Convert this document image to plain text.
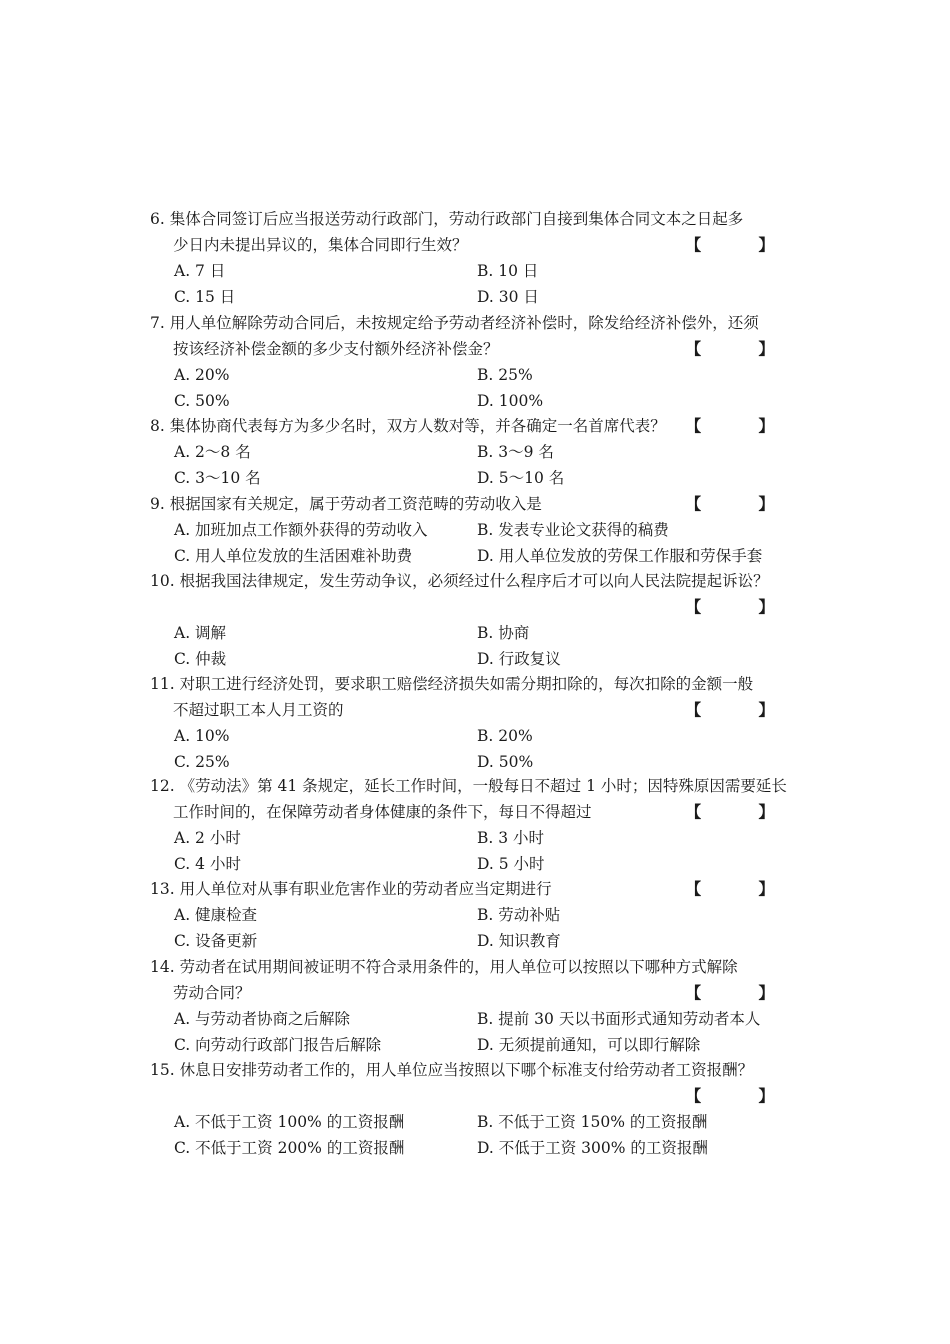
6. 集体合同签订后应当报送劳动行政部门，劳动行政部门自接到集体合同文本之日起多
少日内未提出异议的，集体合同即行生效？	【 】
A. 7 日	B. 10 日
C. 15 日	D. 30 日
7. 用人单位解除劳动合同后，未按规定给予劳动者经济补偿时，除发给经济补偿外，还须
按该经济补偿金额的多少支付额外经济补偿金？	【 】
A. 20%	B. 25%
C. 50%	D. 100%
8. 集体协商代表每方为多少名时，双方人数对等，并各确定一名首席代表？ 【 】
A. 2～8 名	B. 3～9 名
C. 3～10 名	D. 5～10 名
9. 根据国家有关规定，属于劳动者工资范畴的劳动收入是	【 】
A. 加班加点工作额外获得的劳动收入	B. 发表专业论文获得的稿费
C. 用人单位发放的生活困难补助费	D. 用人单位发放的劳保工作服和劳保手套
10. 根据我国法律规定，发生劳动争议，必须经过什么程序后才可以向人民法院提起诉讼？
【 】
A. 调解	B. 协商
C. 仲裁	D. 行政复议
11. 对职工进行经济处罚，要求职工赔偿经济损失如需分期扣除的，每次扣除的金额一般
不超过职工本人月工资的	【 】
A. 10%	B. 20%
C. 25%	D. 50%
12. 《劳动法》第 41 条规定，延长工作时间，一般每日不超过 1 小时；因特殊原因需要延长
工作时间的，在保障劳动者身体健康的条件下，每日不得超过	【 】
A. 2 小时	B. 3 小时
C. 4 小时	D. 5 小时
13. 用人单位对从事有职业危害作业的劳动者应当定期进行	【 】
A. 健康检查	B. 劳动补贴
C. 设备更新	D. 知识教育
14. 劳动者在试用期间被证明不符合录用条件的，用人单位可以按照以下哪种方式解除
劳动合同？	【 】
A. 与劳动者协商之后解除	B. 提前 30 天以书面形式通知劳动者本人
C. 向劳动行政部门报告后解除	D. 无须提前通知，可以即行解除
15. 休息日安排劳动者工作的，用人单位应当按照以下哪个标准支付给劳动者工资报酬？
【 】
A. 不低于工资 100% 的工资报酬	B. 不低于工资 150% 的工资报酬
C. 不低于工资 200% 的工资报酬	D. 不低于工资 300% 的工资报酬
